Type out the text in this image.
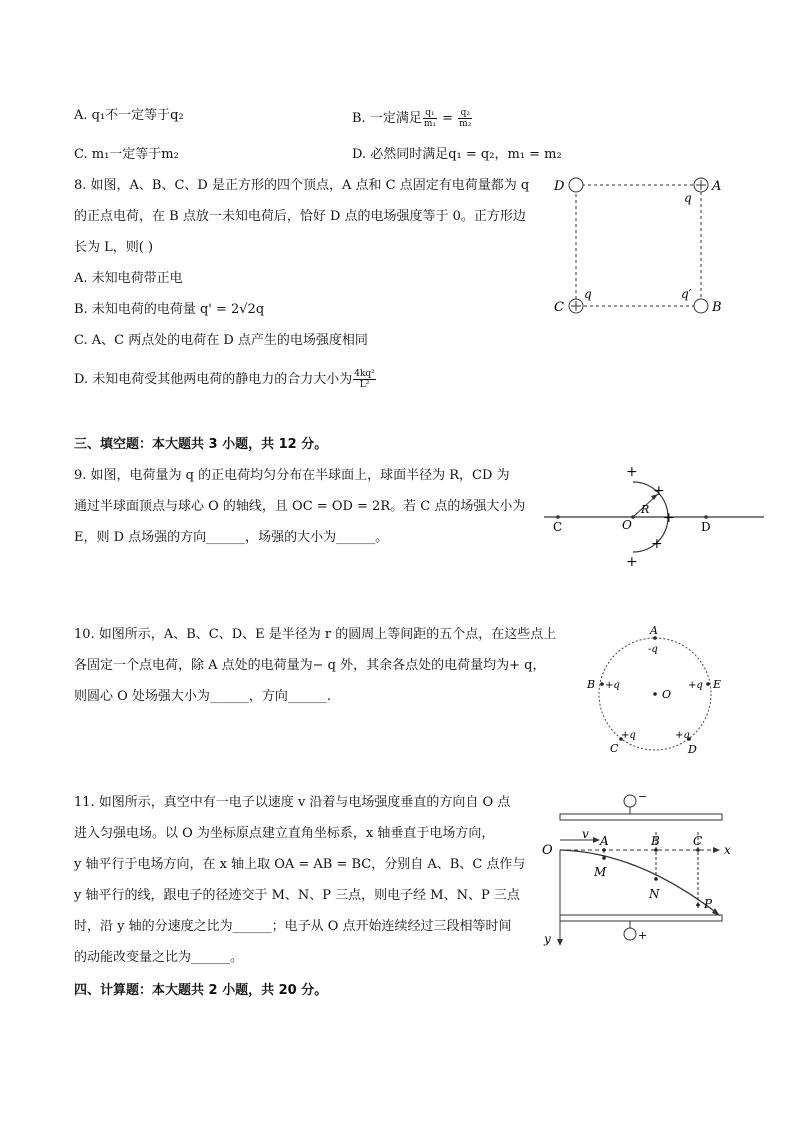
A. q₁不一定等于q₂	B. 一定满足 $\frac{\text{q₁}}{\text{m₁}} = \frac{\text{q₂}}{\text{m₂}}$
C. m₁一定等于m₂	D. 必然同时满足q₁ = q₂，m₁ = m₂
8. 如图，A、B、C、D 是正方形的四个顶点，A 点和 C 点固定有电荷量都为 q
的正点电荷，在 B 点放一未知电荷后，恰好 D 点的电场强度等于 0。正方形边
长为 L，则( )
A. 未知电荷带正电
B. 未知电荷的电荷量 q' = 2√2q
C. A、C 两点处的电荷在 D 点产生的电场强度相同
D. 未知电荷受其他两电荷的静电力的合力大小为 $\frac{\text{4kq²}}{\text{L²}}$
D	A
q
C
q
B
q′
三、填空题：本大题共 3 小题，共 12 分。
9. 如图，电荷量为 q 的正电荷均匀分布在半球面上，球面半径为 R，CD 为
通过半球面顶点与球心 O 的轴线，且 OC = OD = 2R。若 C 点的场强大小为
E，则 D 点场强的方向______，场强的大小为______。
C	O
R
D
+
+
+
+
+
10. 如图所示，A、B、C、D、E 是半径为 r 的圆周上等间距的五个点，在这些点上
各固定一个点电荷，除 A 点处的电荷量为− q 外，其余各点处的电荷量均为+ q，
则圆心 O 处场强大小为______，方向______.
A
-q
B +q	+q E
O
C
+q	+q
D
11. 如图所示，真空中有一电子以速度 v 沿着与电场强度垂直的方向自 O 点
进入匀强电场。以 O 为坐标原点建立直角坐标系，x 轴垂直于电场方向，
y 轴平行于电场方向，在 x 轴上取 OA = AB = BC，分别自 A、B、C 点作与
y 轴平行的线，跟电子的径迹交于 M、N、P 三点，则电子经 M、N、P 三点
时，沿 y 轴的分速度之比为______；电子从 O 点开始连续经过三段相等时间
的动能改变量之比为______。
−
+
O
v A	B	C
x
y
M
N
P
四、计算题：本大题共 2 小题，共 20 分。
